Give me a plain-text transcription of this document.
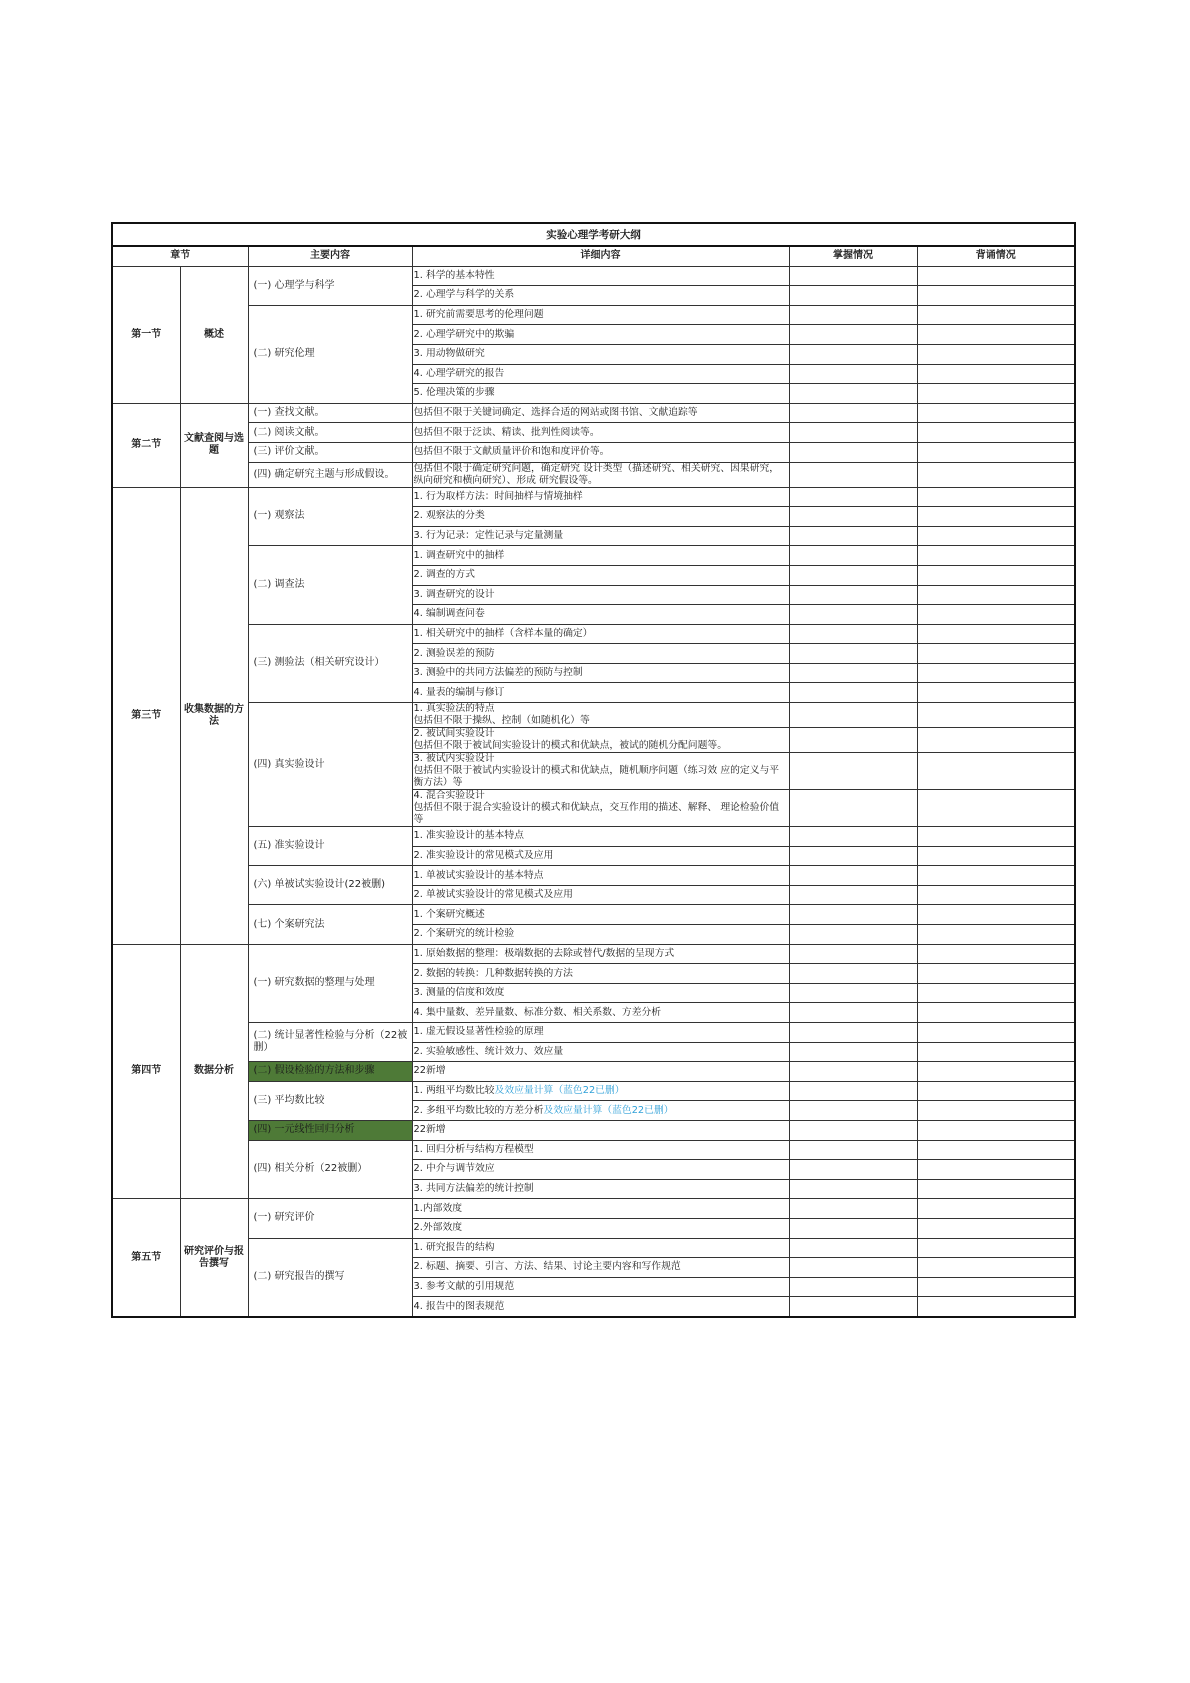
实验心理学考研大纲					
章节		主要内容	详细内容	掌握情况	背诵情况
第一节	概述	(一) 心理学与科学	1. 科学的基本特性		

			2. 心理学与科学的关系		

		(二) 研究伦理	1. 研究前需要思考的伦理问题		

			2. 心理学研究中的欺骗		

			3. 用动物做研究		

			4. 心理学研究的报告		

			5. 伦理决策的步骤		

第二节	文献查阅与选题	(一) 查找文献。	包括但不限于关键词确定、选择合适的网站或图书馆、文献追踪等		

		(二) 阅读文献。	包括但不限于泛读、精读、批判性阅读等。		

		(三) 评价文献。	包括但不限于文献质量评价和饱和度评价等。		

		(四) 确定研究主题与形成假设。	包括但不限于确定研究问题，确定研究 设计类型（描述研究、相关研究、因果研究，纵向研究和横向研究）、形成 研究假设等。		

第三节	收集数据的方法	(一) 观察法	1. 行为取样方法：时间抽样与情境抽样		

			2. 观察法的分类		

			3. 行为记录：定性记录与定量测量		

		(二) 调查法	1. 调查研究中的抽样		

			2. 调查的方式		

			3. 调查研究的设计		

			4. 编制调查问卷		

		(三) 测验法（相关研究设计）	1. 相关研究中的抽样（含样本量的确定）		

			2. 测验误差的预防		

			3. 测验中的共同方法偏差的预防与控制		

			4. 量表的编制与修订		

		(四) 真实验设计	1. 真实验法的特点
包括但不限于操纵、控制（如随机化）等		

			2. 被试间实验设计
包括但不限于被试间实验设计的模式和优缺点，被试的随机分配问题等。		

			3. 被试内实验设计
包括但不限于被试内实验设计的模式和优缺点，随机顺序问题（练习效 应的定义与平衡方法）等		

			4. 混合实验设计
包括但不限于混合实验设计的模式和优缺点，交互作用的描述、解释、 理论检验价值等		

		(五) 准实验设计	1. 准实验设计的基本特点		

			2. 准实验设计的常见模式及应用		

		(六) 单被试实验设计(22被删)	1. 单被试实验设计的基本特点		

			2. 单被试实验设计的常见模式及应用		

		(七) 个案研究法	1. 个案研究概述		

			2. 个案研究的统计检验		

第四节	数据分析	(一) 研究数据的整理与处理	1. 原始数据的整理：极端数据的去除或替代/数据的呈现方式		

			2. 数据的转换：几种数据转换的方法		

			3. 测量的信度和效度		

			4. 集中量数、差异量数、标准分数、相关系数、方差分析		

		(二) 统计显著性检验与分析（22被删）	1. 虚无假设显著性检验的原理		

			2. 实验敏感性、统计效力、效应量		

		(二) 假设检验的方法和步骤	22新增		

		(三) 平均数比较	1. 两组平均数比较及效应量计算（蓝色22已删）		
			2. 多组平均数比较的方差分析及效应量计算（蓝色22已删）		
		(四) 一元线性回归分析	22新增		

		(四) 相关分析（22被删）	1. 回归分析与结构方程模型		

			2. 中介与调节效应		

			3. 共同方法偏差的统计控制		

第五节	研究评价与报告撰写	(一) 研究评价	1.内部效度		

			2.外部效度		

		(二) 研究报告的撰写	1. 研究报告的结构		

			2. 标题、摘要、引言、方法、结果、讨论主要内容和写作规范		

			3. 参考文献的引用规范		

			4. 报告中的图表规范		
